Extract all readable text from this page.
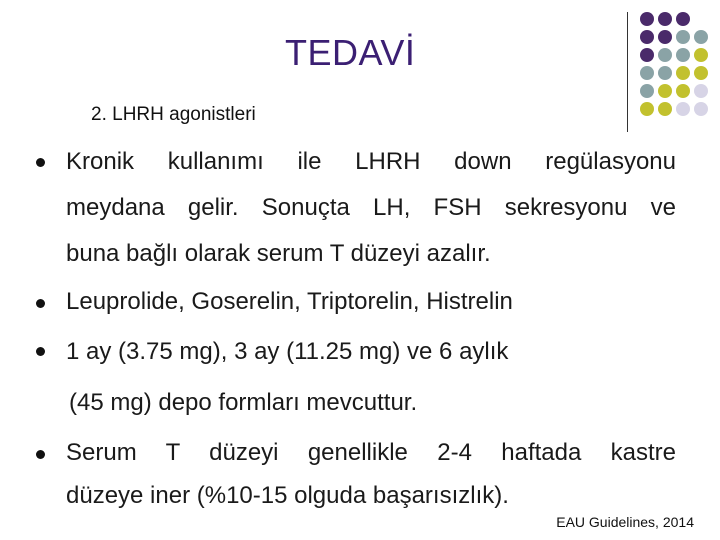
TEDAVİ
2. LHRH agonistleri
Kronik kullanımı ile LHRH down regülasyonu
meydana gelir. Sonuçta LH, FSH sekresyonu ve
buna bağlı olarak serum T düzeyi azalır.
Leuprolide, Goserelin, Triptorelin, Histrelin
1 ay (3.75 mg), 3 ay (11.25 mg) ve 6 aylık
(45 mg) depo formları mevcuttur.
Serum T düzeyi genellikle 2-4 haftada kastre
düzeye iner (%10-15 olguda başarısızlık).
EAU Guidelines, 2014
